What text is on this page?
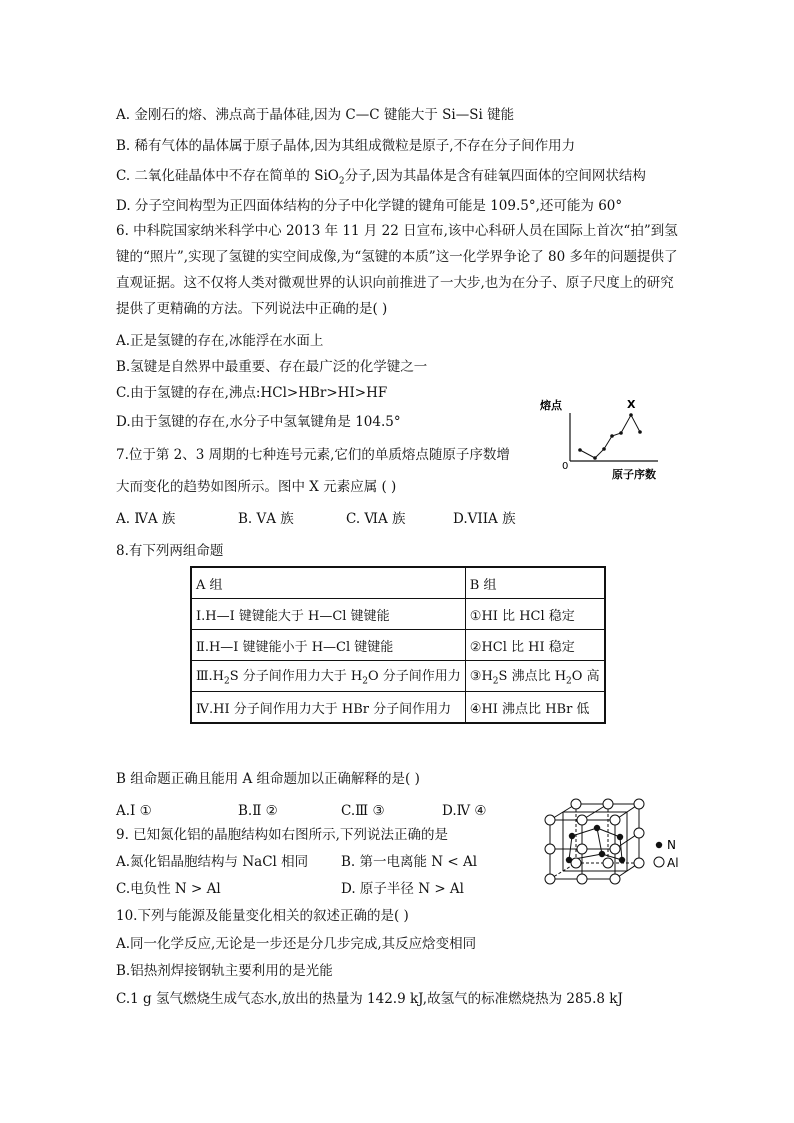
A. 金刚石的熔、沸点高于晶体硅,因为 C—C 键能大于 Si—Si 键能
B. 稀有气体的晶体属于原子晶体,因为其组成微粒是原子,不存在分子间作用力
C. 二氧化硅晶体中不存在简单的 SiO$_2$分子,因为其晶体是含有硅氧四面体的空间网状结构
D. 分子空间构型为正四面体结构的分子中化学键的键角可能是 109.5°,还可能为 60°
6. 中科院国家纳米科学中心 2013 年 11 月 22 日宣布,该中心科研人员在国际上首次“拍”到氢键的“照片”,实现了氢键的实空间成像,为“氢键的本质”这一化学界争论了 80 多年的问题提供了直观证据。这不仅将人类对微观世界的认识向前推进了一大步,也为在分子、原子尺度上的研究提供了更精确的方法。下列说法中正确的是( )
A.正是氢键的存在,冰能浮在水面上
B.氢键是自然界中最重要、存在最广泛的化学键之一
C.由于氢键的存在,沸点:HCl>HBr>HI>HF
D.由于氢键的存在,水分子中氢氧键角是 104.5°
熔点
0
原子序数
X
7.位于第 2、3 周期的七种连号元素,它们的单质熔点随原子序数增
大而变化的趋势如图所示。图中 X 元素应属 ( )
A. ⅣA 族	B. ⅤA 族	C. ⅥA 族	D.VIIA 族
8.有下列两组命题
A 组	B 组
Ⅰ.H—I 键键能大于 H—Cl 键键能	①HI 比 HCl 稳定
Ⅱ.H—I 键键能小于 H—Cl 键键能	②HCl 比 HI 稳定
$Ⅲ.H_2S$ 分子间作用力大于 $H_2O$ 分子间作用力	$③H_2S$ 沸点比 $H_2O$ 高
Ⅳ.HI 分子间作用力大于 HBr 分子间作用力	④HI 沸点比 HBr 低
B 组命题正确且能用 A 组命题加以正确解释的是( )
A.Ⅰ ①	B.Ⅱ ②	C.Ⅲ ③	D.Ⅳ ④
N
Al
9. 已知氮化铝的晶胞结构如右图所示,下列说法正确的是
A.氮化铝晶胞结构与 NaCl 相同 B. 第一电离能 N < Al
C.电负性 N > Al	D. 原子半径 N > Al
10.下列与能源及能量变化相关的叙述正确的是( )
A.同一化学反应,无论是一步还是分几步完成,其反应焓变相同
B.铝热剂焊接钢轨主要利用的是光能
C.1 g 氢气燃烧生成气态水,放出的热量为 142.9 kJ,故氢气的标准燃烧热为 285.8 kJ
